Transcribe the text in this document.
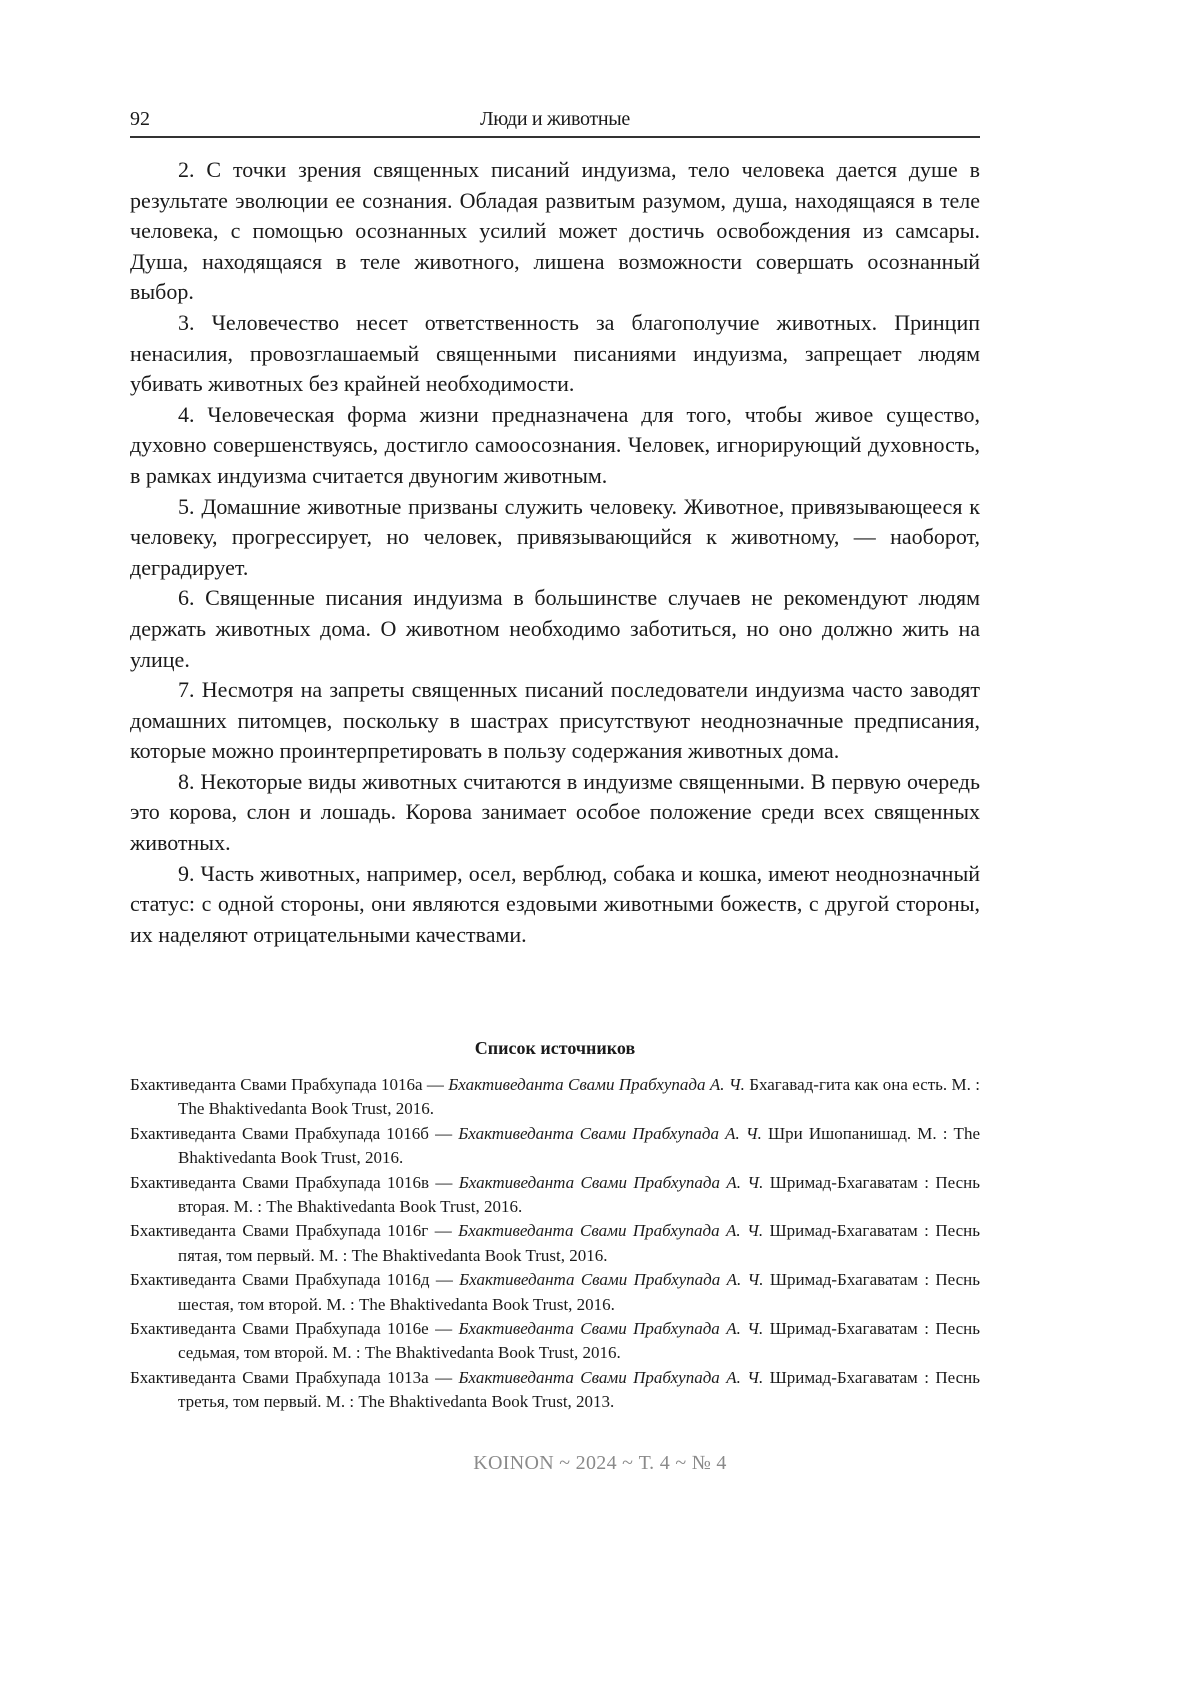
92	Люди и животные

2. С точки зрения священных писаний индуизма, тело человека дается душе в результате эволюции ее сознания. Обладая развитым разумом, душа, находящаяся в теле человека, с помощью осознанных усилий может достичь освобождения из самсары. Душа, находящаяся в теле животного, лишена возможности совершать осознанный выбор.

3. Человечество несет ответственность за благополучие животных. Принцип ненасилия, провозглашаемый священными писаниями индуизма, запрещает людям убивать животных без крайней необходимости.

4. Человеческая форма жизни предназначена для того, чтобы живое существо, духовно совершенствуясь, достигло самоосознания. Человек, игнорирующий духовность, в рамках индуизма считается двуногим животным.

5. Домашние животные призваны служить человеку. Животное, привязывающееся к человеку, прогрессирует, но человек, привязывающийся к животному, — наоборот, деградирует.

6. Священные писания индуизма в большинстве случаев не рекомендуют людям держать животных дома. О животном необходимо заботиться, но оно должно жить на улице.

7. Несмотря на запреты священных писаний последователи индуизма часто заводят домашних питомцев, поскольку в шастрах присутствуют неоднозначные предписания, которые можно проинтерпретировать в пользу содержания животных дома.

8. Некоторые виды животных считаются в индуизме священными. В первую очередь это корова, слон и лошадь. Корова занимает особое положение среди всех священных животных.

9. Часть животных, например, осел, верблюд, собака и кошка, имеют неоднозначный статус: с одной стороны, они являются ездовыми животными божеств, с другой стороны, их наделяют отрицательными качествами.

Список источников

Бхактиведанта Свами Прабхупада 1016а — Бхактиведанта Свами Прабхупада А. Ч. Бхагавад-гита как она есть. М. : The Bhaktivedanta Book Trust, 2016.

Бхактиведанта Свами Прабхупада 1016б — Бхактиведанта Свами Прабхупада А. Ч. Шри Ишопанишад. М. : The Bhaktivedanta Book Trust, 2016.

Бхактиведанта Свами Прабхупада 1016в — Бхактиведанта Свами Прабхупада А. Ч. Шримад-Бхагаватам : Песнь вторая. М. : The Bhaktivedanta Book Trust, 2016.

Бхактиведанта Свами Прабхупада 1016г — Бхактиведанта Свами Прабхупада А. Ч. Шримад-Бхагаватам : Песнь пятая, том первый. М. : The Bhaktivedanta Book Trust, 2016.

Бхактиведанта Свами Прабхупада 1016д — Бхактиведанта Свами Прабхупада А. Ч. Шримад-Бхагаватам : Песнь шестая, том второй. М. : The Bhaktivedanta Book Trust, 2016.

Бхактиведанта Свами Прабхупада 1016е — Бхактиведанта Свами Прабхупада А. Ч. Шримад-Бхагаватам : Песнь седьмая, том второй. М. : The Bhaktivedanta Book Trust, 2016.

Бхактиведанта Свами Прабхупада 1013а — Бхактиведанта Свами Прабхупада А. Ч. Шримад-Бхагаватам : Песнь третья, том первый. М. : The Bhaktivedanta Book Trust, 2013.

KOINON ~ 2024 ~ Т. 4 ~ № 4
